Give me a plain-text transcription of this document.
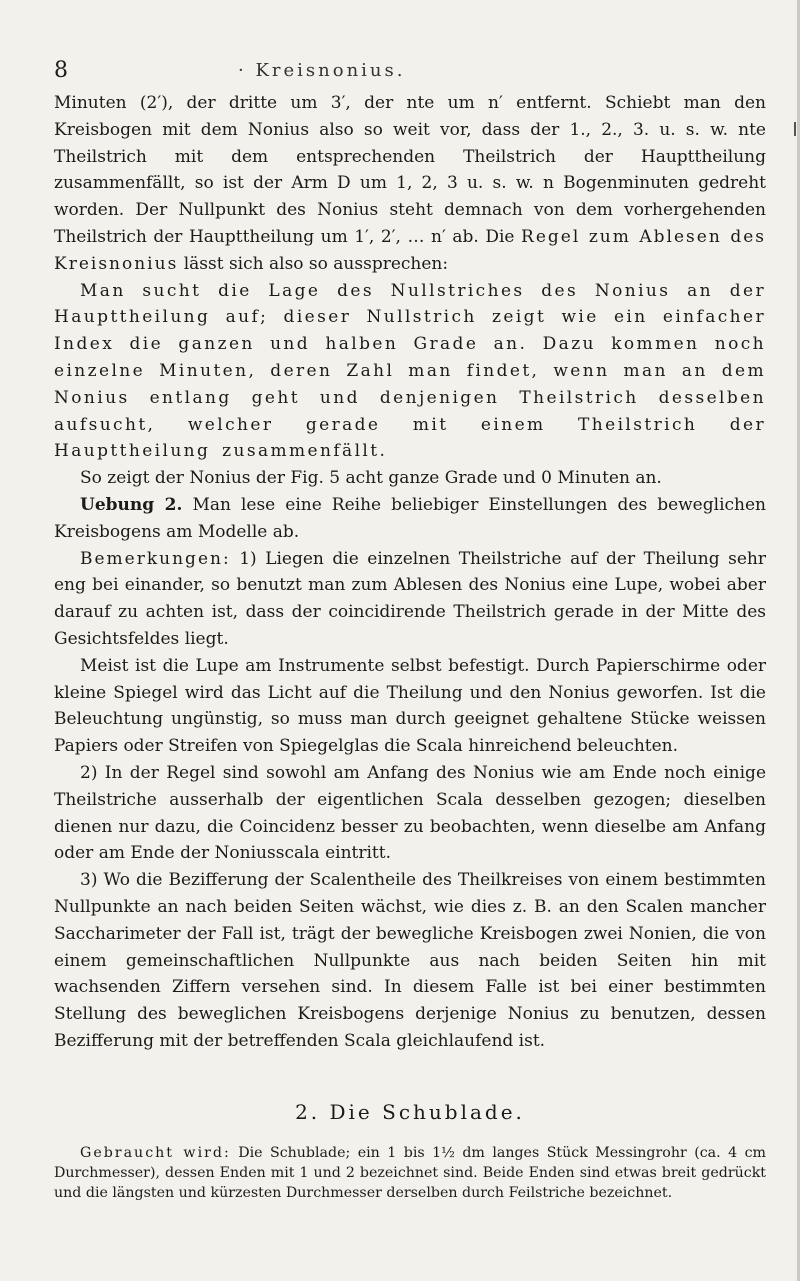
8	· Kreisnonius.

Minuten (2′), der dritte um 3′, der nte um n′ entfernt. Schiebt man den Kreisbogen mit dem Nonius also so weit vor, dass der 1., 2., 3. u. s. w. nte Theilstrich mit dem entsprechenden Theilstrich der Haupttheilung zusammenfällt, so ist der Arm D um 1, 2, 3 u. s. w. n Bogenminuten gedreht worden. Der Nullpunkt des Nonius steht demnach von dem vorhergehenden Theilstrich der Haupttheilung um 1′, 2′, … n′ ab. Die Regel zum Ablesen des Kreisnonius lässt sich also so aussprechen:

Man sucht die Lage des Nullstriches des Nonius an der Haupttheilung auf; dieser Nullstrich zeigt wie ein einfacher Index die ganzen und halben Grade an. Dazu kommen noch einzelne Minuten, deren Zahl man findet, wenn man an dem Nonius entlang geht und denjenigen Theilstrich desselben aufsucht, welcher gerade mit einem Theilstrich der Haupttheilung zusammenfällt.

So zeigt der Nonius der Fig. 5 acht ganze Grade und 0 Minuten an.

Uebung 2. Man lese eine Reihe beliebiger Einstellungen des beweglichen Kreisbogens am Modelle ab.

Bemerkungen: 1) Liegen die einzelnen Theilstriche auf der Theilung sehr eng bei einander, so benutzt man zum Ablesen des Nonius eine Lupe, wobei aber darauf zu achten ist, dass der coincidirende Theilstrich gerade in der Mitte des Gesichtsfeldes liegt.

Meist ist die Lupe am Instrumente selbst befestigt. Durch Papierschirme oder kleine Spiegel wird das Licht auf die Theilung und den Nonius geworfen. Ist die Beleuchtung ungünstig, so muss man durch geeignet gehaltene Stücke weissen Papiers oder Streifen von Spiegelglas die Scala hinreichend beleuchten.

2) In der Regel sind sowohl am Anfang des Nonius wie am Ende noch einige Theilstriche ausserhalb der eigentlichen Scala desselben gezogen; dieselben dienen nur dazu, die Coincidenz besser zu beobachten, wenn dieselbe am Anfang oder am Ende der Noniusscala eintritt.

3) Wo die Bezifferung der Scalentheile des Theilkreises von einem bestimmten Nullpunkte an nach beiden Seiten wächst, wie dies z. B. an den Scalen mancher Saccharimeter der Fall ist, trägt der bewegliche Kreisbogen zwei Nonien, die von einem gemeinschaftlichen Nullpunkte aus nach beiden Seiten hin mit wachsenden Ziffern versehen sind. In diesem Falle ist bei einer bestimmten Stellung des beweglichen Kreisbogens derjenige Nonius zu benutzen, dessen Bezifferung mit der betreffenden Scala gleichlaufend ist.

2. Die Schublade.

Gebraucht wird: Die Schublade; ein 1 bis 1½ dm langes Stück Messingrohr (ca. 4 cm Durchmesser), dessen Enden mit 1 und 2 bezeichnet sind. Beide Enden sind etwas breit gedrückt und die längsten und kürzesten Durchmesser derselben durch Feilstriche bezeichnet.
